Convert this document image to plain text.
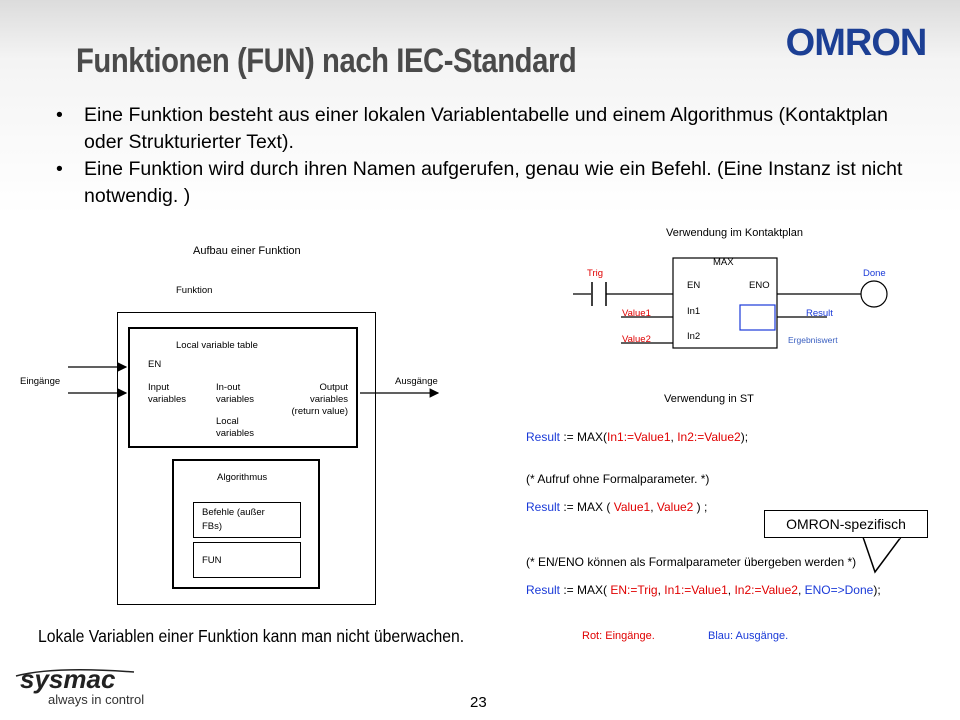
Funktionen (FUN) nach IEC-Standard	OMRON
• Eine Funktion besteht aus einer lokalen Variablentabelle und einem Algorithmus (Kontaktplan oder Strukturierter Text).
• Eine Funktion wird durch ihren Namen aufgerufen, genau wie ein Befehl. (Eine Instanz ist nicht notwendig. )
Aufbau einer Funktion
Funktion
Local variable table
EN
Input variables
In-out variables
Local variables
Output variables (return value)
Eingänge	Ausgänge
Algorithmus
Befehle (außer FBs)
FUN
Verwendung im Kontaktplan
Trig
MAX
EN	ENO
In1
In2
Value1
Value2
Result
Done
Ergebniswert
Verwendung in ST
Result := MAX(In1:=Value1, In2:=Value2);
(* Aufruf ohne Formalparameter. *)
Result := MAX ( Value1, Value2 ) ;
(* EN/ENO können als Formalparameter übergeben werden *)
Result := MAX( EN:=Trig, In1:=Value1, In2:=Value2, ENO=>Done);
OMRON-spezifisch
Lokale Variablen einer Funktion kann man nicht überwachen.	Rot: Eingänge.	Blau: Ausgänge.
sysmac
always in control	23
